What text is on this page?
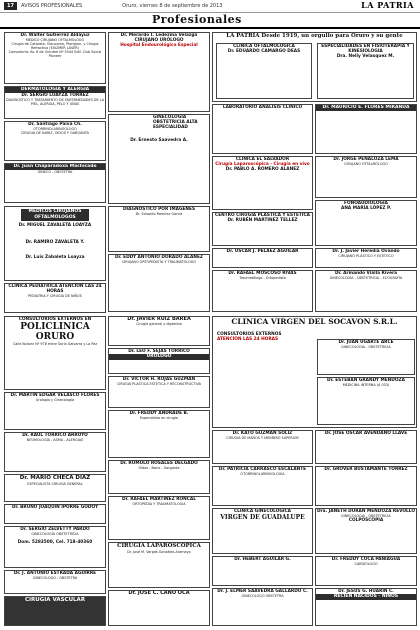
17	AVISOS PROFESIONALES	Oruro, viernes 8 de septiembre de 2013	LA PATRIA
Profesionales
Dr. Walter Gutierrez Aldayuz
MEDICO CIRUJANO OFTALMOLOGO
Cirugía de Catarata, Glaucoma, Pterigion, y Cirugía Refractiva (EXCIMER LÁSER)
Consultorio: Av. 6 de Octubre Nº 5544 Edif. Club Social Pioneer
DERMATOLOGIA Y ALERGIA
Dr. SERGIO LOAYZA TORREZ
DIAGNOSTICO Y TRATAMIENTO DE ENFERMEDADES DE LA PIEL, ALERGIA, PELO Y UÑAS
Dr. Santiago Paiva Ch.
OTORRINOLARINGOLOGO
CIRUGIA DE NARIZ, OIDOS Y GARGANTA
Dr. Juan Chaparadoxa Machicado
GINECO - OBSTETRA
MEDICOS CIRUJANOS OFTALMOLOGOS
Dr. MIGUEL ZAVALETA LOAYZA
Dr. RAMIRO ZAVALETA Y.
Dr. Luis Zabaleta Loayza
CLINICA PEDIATRICA ATENCION LAS 24 HORAS
PEDIATRIA Y CIRUGIA DE NIÑOS
Dr. Merardo I. Ledezma Velazga
CIRUJANO URÓLOGO
Hospital Endourológico Especial
GINECOLOGIA OBSTETRICIA ALTA ESPECIALIDAD
Dr. Ernesto Saavedra A.
DIAGNOSTICO POR IMAGENES
Dr. Eduardo Ramírez García
Dr. EDDY ANTONIO DORADO ALANEZ
CIRUJANO ORTOPEDISTA Y TRAUMATÓLOGO
LA PATRIA Desde 1919, un orgullo para Oruro y su gente
CLINICA OFTALMOLOGICA
Dr. EDUARDO CAMARGO DEAS
ESPECIALIDADES EN FISIOTERAPIA Y KINESIOLOGIA
Dra. Nelly Velasquez M.
LABORATORIO ANALISIS CLINICO	Dr. MAURICIO E. FLORES MIRANDA
CLINICA EL SALVADOR
Cirugía Laparoscópica - Cirugía en vivo
Dr. PABLO A. ROMERO ALANEZ
Dr. JORGE PEÑALOZA LEMA
CIRUJANO OFTALMÓLOGO
CENTRO CIRUGIA PLASTICA Y ESTETICA
Dr. RUBÉN MARTINEZ TELLEZ
FONOAUDIOLOGIA
ANA MARÍA LÓPEZ P.
Dr. OSCAR J. PELAEZ AGUILAR	Dr. J. Javier Heredia Ovando
CIRUJANO PLÁSTICO Y ESTETICO
Dr. RAFAEL MOSCOSO RIVAS
Traumatólogo - Ortopedista
Dr. Armando Vialla Rivera
GINECOLOGÍA - OBSTETRICIA - ECOGRAFÍA
CONSULTORIOS EXTERNOS EN
POLICLINICA ORURO
Calle Bolivar Nº 978 entre Soria Galvarro y La Paz
Dr. MARTIN EDGAR VELASCO FLORES
Urología y Ginecología
Dr. RAUL TORRICO ARROYO
NEUMOLOGÍA - ASMA - ALERGIAS
Dr. MARIO CHECA DIAZ
ESPECIALISTA CIRUGIA GENERAL
Dr. BRUNO JOAQUIN IPORRE GODOY
Dr. SERGIO ZELVETTY PARDO
GINECOLOGÍA OBSTETRICIA
Dom. 5283500, Cel. 718-40360
Dr. J. ANTONIO ESTRADA AGUIRRE
GINECOLOGO - OBSTETRA
CIRUGIA VASCULAR
Dr. JAVIER RUIZ BAREA
Cirugía general y digestiva
Dr. LEO F. SEJAS TORRICO
URÓLOGO
Dr. VICTOR H. ROJAS GUZMAN
CIRUGIA PLASTICA ESTETICA Y RECONSTRUCTIVA
Dr. FREDDY ANDRADE B.
Especialista en cirugía
Dr. ROMULO ROSALES DELGADO
Oídos - Nariz - Garganta
Dr. RAFAEL MARTINEZ RONCAL
ORTOPEDIA Y TRAUMATOLOGIA
CIRUGIA LAPAROSCOPICA
Dr. José M. Vargas González-Aramayo
Dr. JOSE C. CANO OCA
CLINICA VIRGEN DEL SOCAVON S.R.L.
CONSULTORIOS EXTERNOS
ATENCION LAS 24 HORAS
Dr. JUAN UGARTE ARCE
GINECOLOGIA - OBSTETRICIA
Dr. ESTEBAN GRANDY MENDOZA
MEDICINA INTERNA (A 033)
Dr. KATO GUZMAN SOLIZ
CIRUGIA DE MANOS Y MIEMBRO SUPERIOR
Dr. JOSE OSCAR AVENDAÑO LLAVE
Dr. PATRICIA CARRASCO ESCALANTE
OTORRINOLARINGOLOGIA
Dr. GROVER BUSTAMANTE TORREZ
CLINICA GINECOLOGICA
VIRGEN DE GUADALUPE
Dra. JANETH DURAN MENDOZA REVOLLO
GINECOLOGIA - OBSTETRICIA
COLPOSCOPIA
Dr. HEBERT AGUILAR G.	Dr. FREDDY COCA PANIAGUA
CARDIÓLOGO
Dr. J. ELMER SAAVEDRA GALLARDO C.
GINECOLOGO OBSTETRA
Dr. JESUS G. HUARIN C.
RECIEN NACIDOS - NIÑOS
